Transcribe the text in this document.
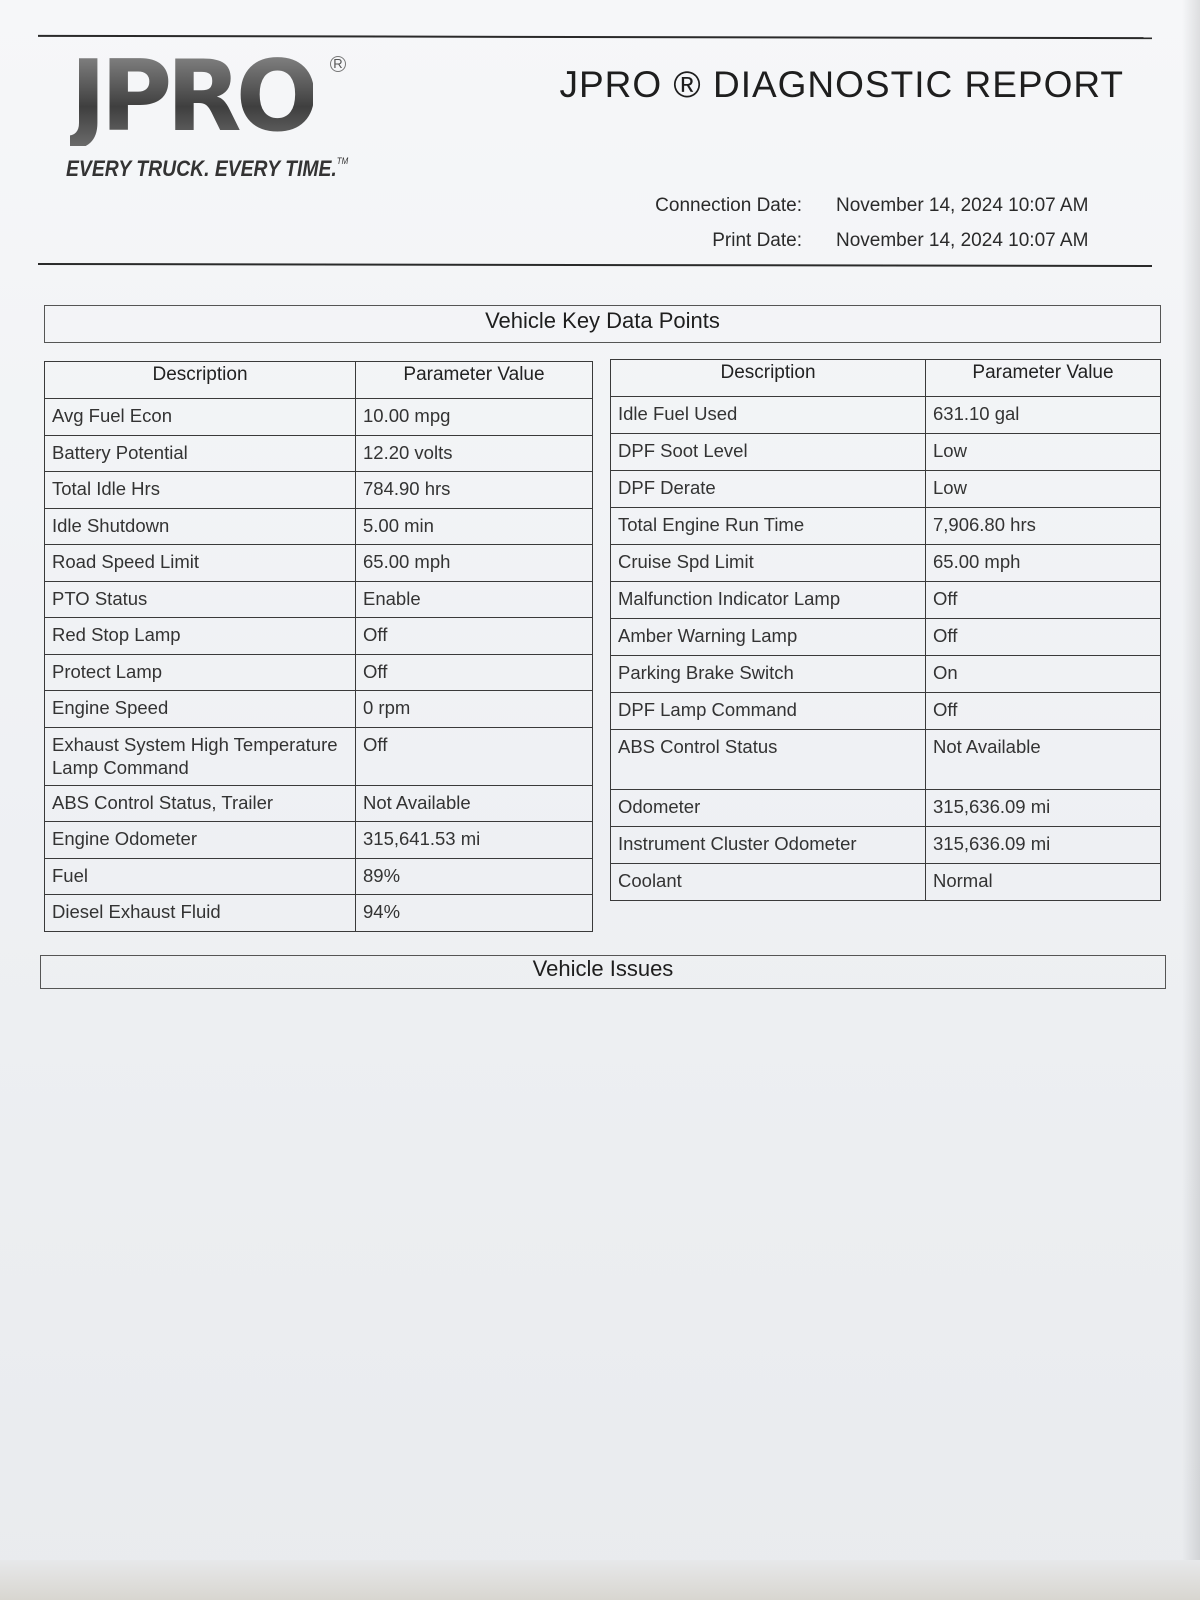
JPRO R
EVERY TRUCK. EVERY TIME.™
JPRO ® DIAGNOSTIC REPORT
Connection Date:	November 14, 2024 10:07 AM
Print Date:	November 14, 2024 10:07 AM
Vehicle Key Data Points
Description	Parameter Value
Avg Fuel Econ	10.00 mpg
Battery Potential	12.20 volts
Total Idle Hrs	784.90 hrs
Idle Shutdown	5.00 min
Road Speed Limit	65.00 mph
PTO Status	Enable
Red Stop Lamp	Off
Protect Lamp	Off
Engine Speed	0 rpm
Exhaust System High Temperature Lamp Command	Off
ABS Control Status, Trailer	Not Available
Engine Odometer	315,641.53 mi
Fuel	89%
Diesel Exhaust Fluid	94%
Description	Parameter Value
Idle Fuel Used	631.10 gal
DPF Soot Level	Low
DPF Derate	Low
Total Engine Run Time	7,906.80 hrs
Cruise Spd Limit	65.00 mph
Malfunction Indicator Lamp	Off
Amber Warning Lamp	Off
Parking Brake Switch	On
DPF Lamp Command	Off
ABS Control Status	Not Available
Odometer	315,636.09 mi
Instrument Cluster Odometer	315,636.09 mi
Coolant	Normal
Vehicle Issues
